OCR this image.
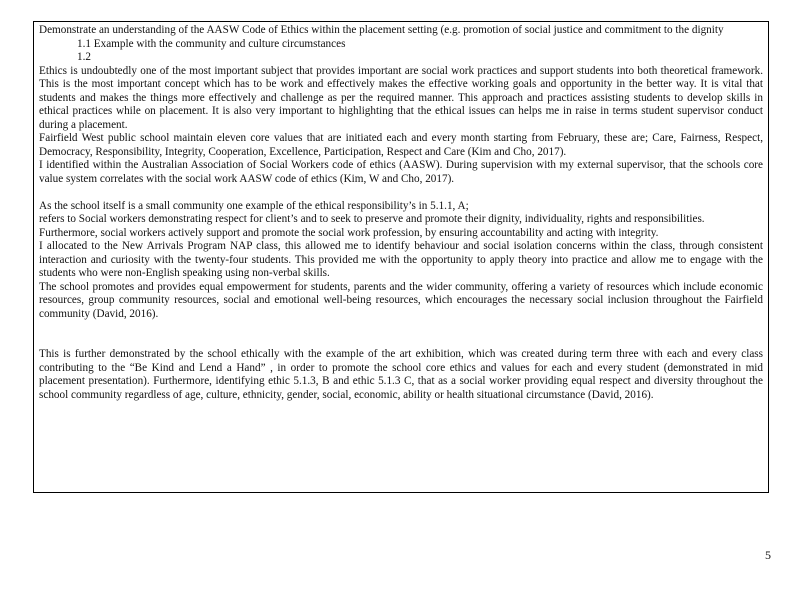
Demonstrate an understanding of the AASW Code of Ethics within the placement setting (e.g. promotion of social justice and commitment to the dignity

1.1 Example with the community and culture circumstances

1.2

Ethics is undoubtedly one of the most important subject that provides important are social work practices and support students into both theoretical framework. This is the most important concept which has to be work and effectively makes the effective working goals and opportunity in the better way. It is vital that students and makes the things more effectively and challenge as per the required manner. This approach and practices assisting students to develop skills in ethical practices while on placement. It is also very important to highlighting that the ethical issues can helps me in raise in terms student supervisor conduct during a placement.

Fairfield West public school maintain eleven core values that are initiated each and every month starting from February, these are; Care, Fairness, Respect, Democracy, Responsibility, Integrity, Cooperation, Excellence, Participation, Respect and Care (Kim and Cho, 2017).

I identified within the Australian Association of Social Workers code of ethics (AASW). During supervision with my external supervisor, that the schools core value system correlates with the social work AASW code of ethics (Kim, W and Cho, 2017).

As the school itself is a small community one example of the ethical responsibility’s in 5.1.1, A;

refers to Social workers demonstrating respect for client’s and to seek to preserve and promote their dignity, individuality, rights and responsibilities.

Furthermore, social workers actively support and promote the social work profession, by ensuring accountability and acting with integrity.

I allocated to the New Arrivals Program NAP class, this allowed me to identify behaviour and social isolation concerns within the class, through consistent interaction and curiosity with the twenty-four students. This provided me with the opportunity to apply theory into practice and allow me to engage with the students who were non-English speaking using non-verbal skills.

The school promotes and provides equal empowerment for students, parents and the wider community, offering a variety of resources which include economic resources, group community resources, social and emotional well-being resources, which encourages the necessary social inclusion throughout the Fairfield community (David, 2016).

This is further demonstrated by the school ethically with the example of the art exhibition, which was created during term three with each and every class contributing to the “Be Kind and Lend a Hand” , in order to promote the school core ethics and values for each and every student (demonstrated in mid placement presentation). Furthermore, identifying ethic 5.1.3, B and ethic 5.1.3 C, that as a social worker providing equal respect and diversity throughout the school community regardless of age, culture, ethnicity, gender, social, economic, ability or health situational circumstance (David, 2016).

5
